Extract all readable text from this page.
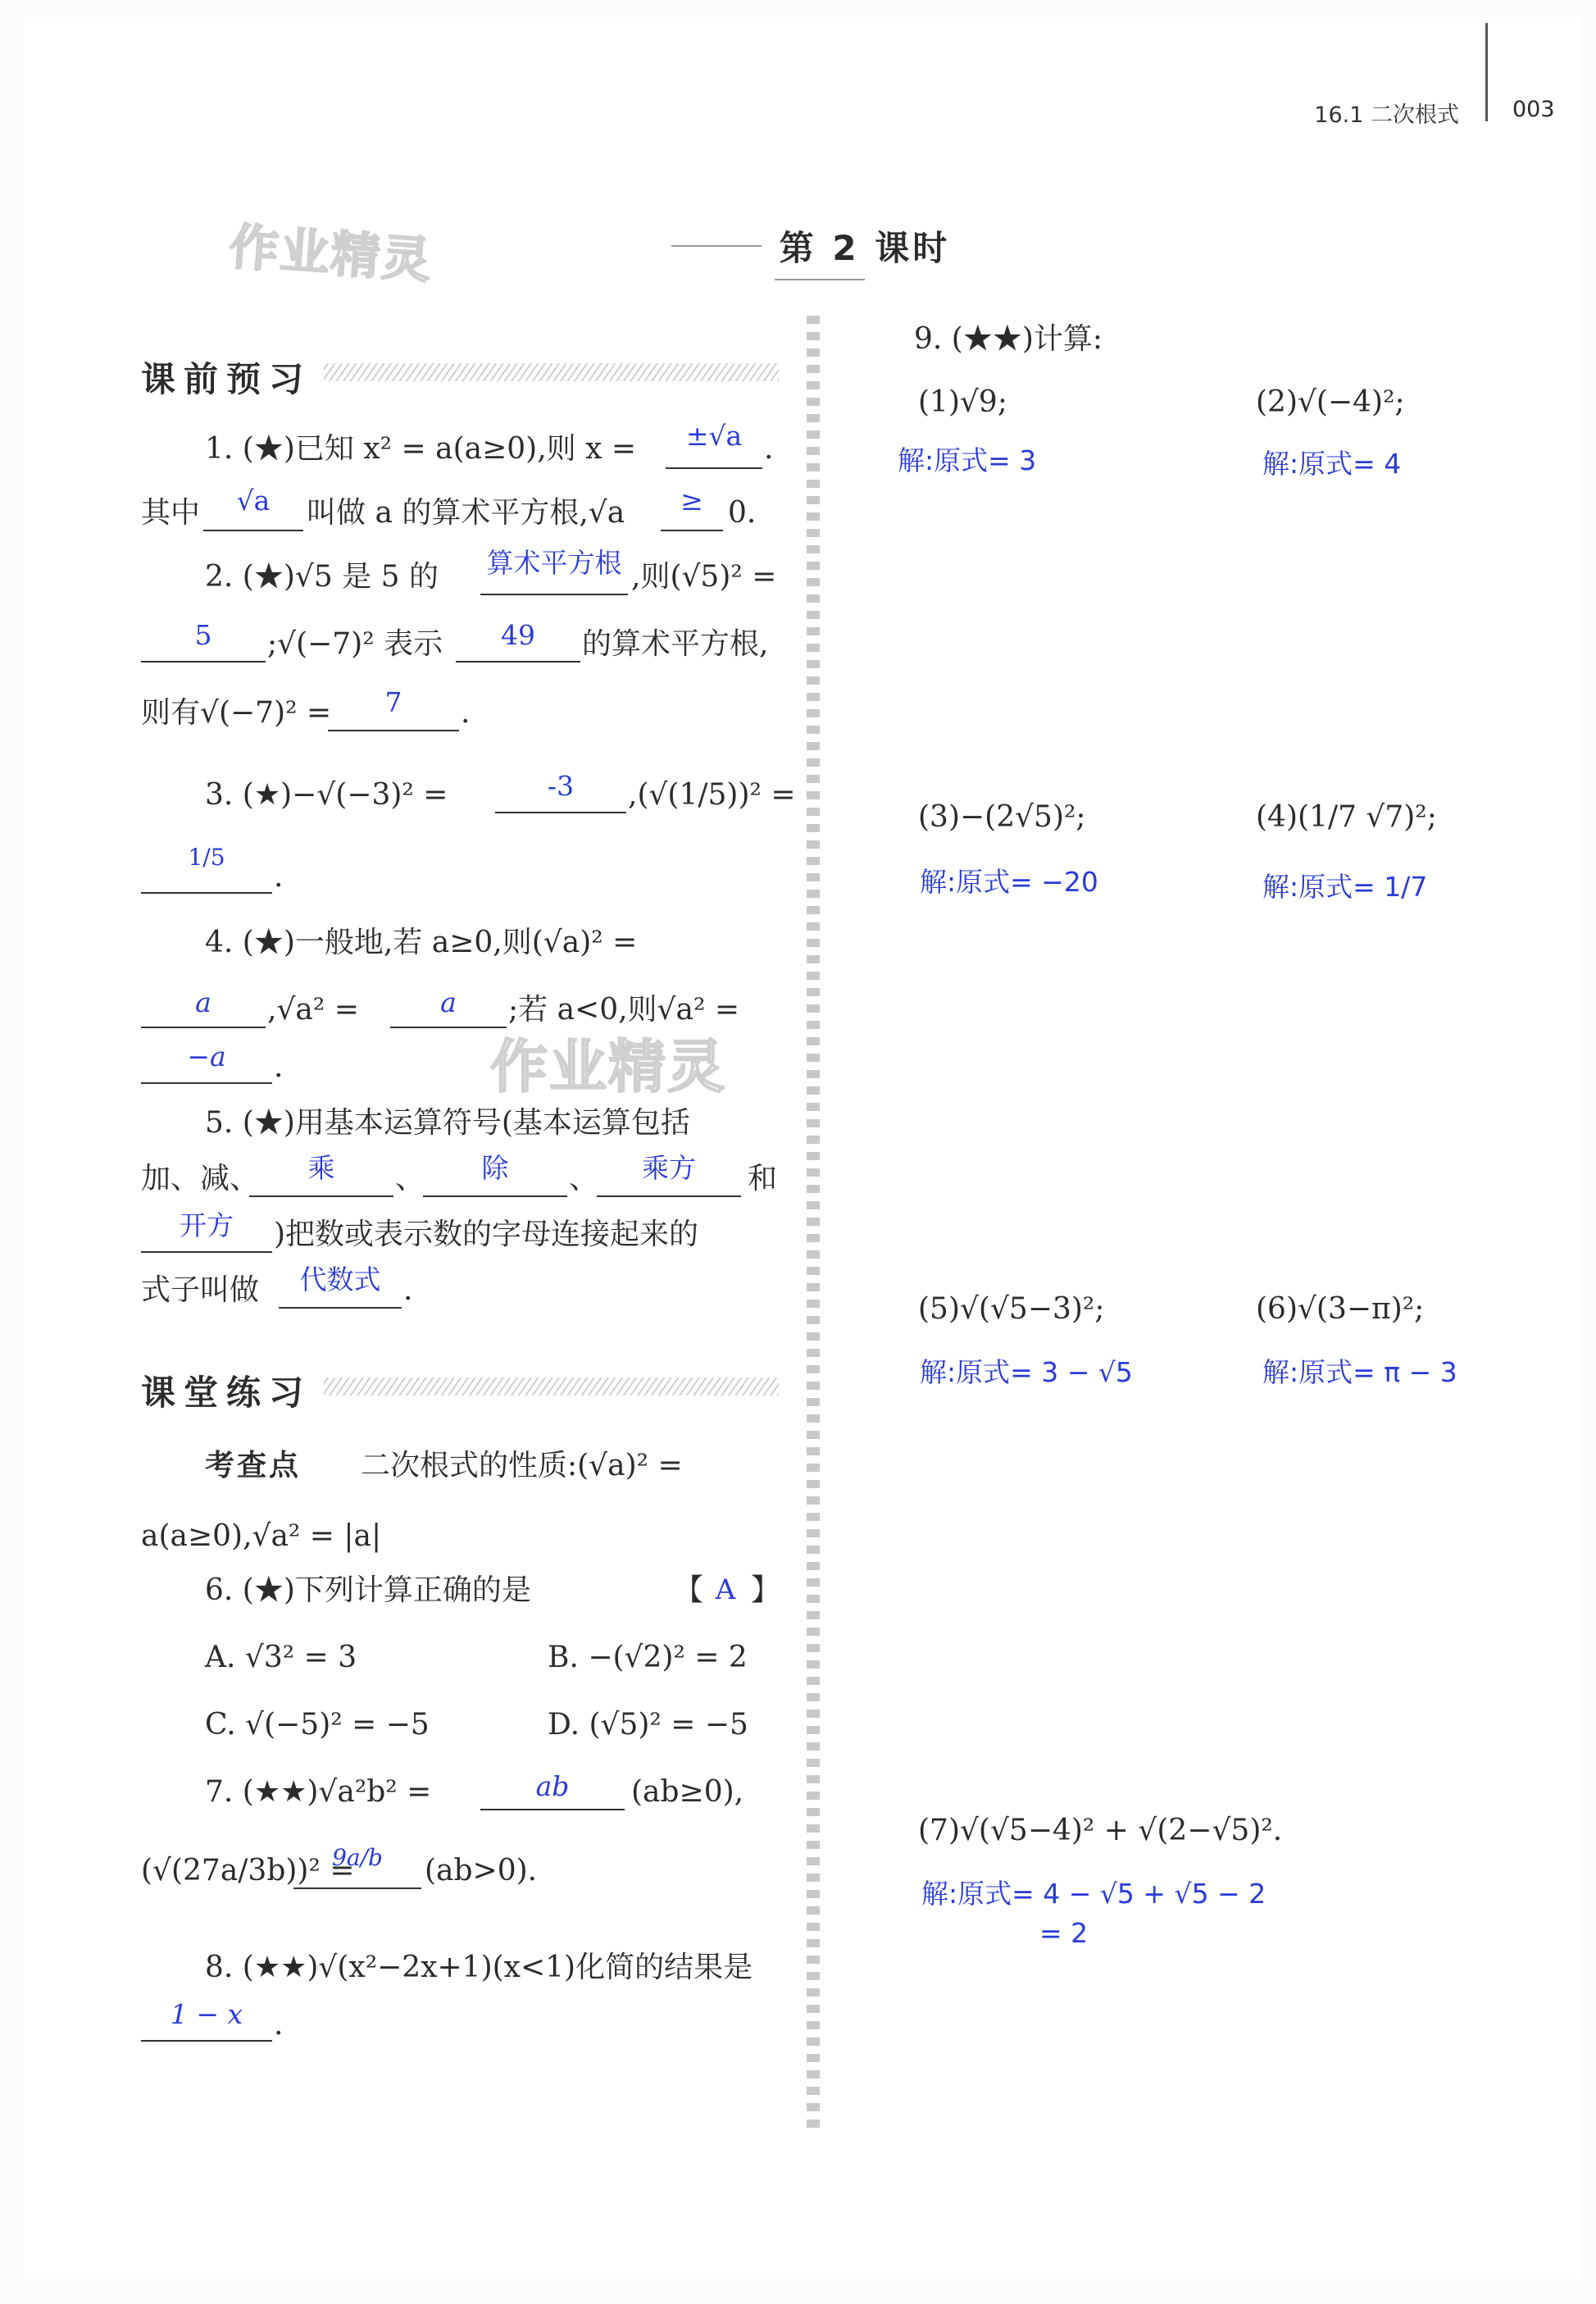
16.1 二次根式 003
作业精灵
作业精灵
第 2 课时
课前预习
1. (★)已知 x² = a(a≥0),则 x =	±√a .
其中	√a	叫做 a 的算术平方根,√a	≥ 0.
2. (★)√5 是 5 的 算术平方根 ,则(√5)² =
5	;√(−7)² 表示	49	的算术平方根,
则有√(−7)² =	7	.
3. (★)−√(−3)² =	-3	,(√(1/5))² =
1/5
.
4. (★)一般地,若 a≥0,则(√a)² =
a	,√a² =	a	;若 a<0,则√a² =
−a	.
5. (★)用基本运算符号(基本运算包括
加、减、	乘	、	除	、	乘方	和
开方	)把数或表示数的字母连接起来的
式子叫做	代数式 .
课堂练习
考查点 二次根式的性质:(√a)² =
a(a≥0),√a² = |a|
6. (★)下列计算正确的是	【 A 】
A. √3² = 3	B. −(√2)² = 2
C. √(−5)² = −5	D. (√5)² = −5
7. (★★)√a²b² =	ab	(ab≥0),
(√(27a/3b))² =
9a/b	(ab>0).
8. (★★)√(x²−2x+1)(x<1)化简的结果是
1 − x	.
9. (★★)计算:
(1)√9;
解:原式= 3
(2)√(−4)²;
解:原式= 4
(3)−(2√5)²;
解:原式= −20
(4)(1/7 √7)²;
解:原式= 1/7
(5)√(√5−3)²;
解:原式= 3 − √5
(6)√(3−π)²;
解:原式= π − 3
(7)√(√5−4)² + √(2−√5)².
解:原式= 4 − √5 + √5 − 2
= 2
